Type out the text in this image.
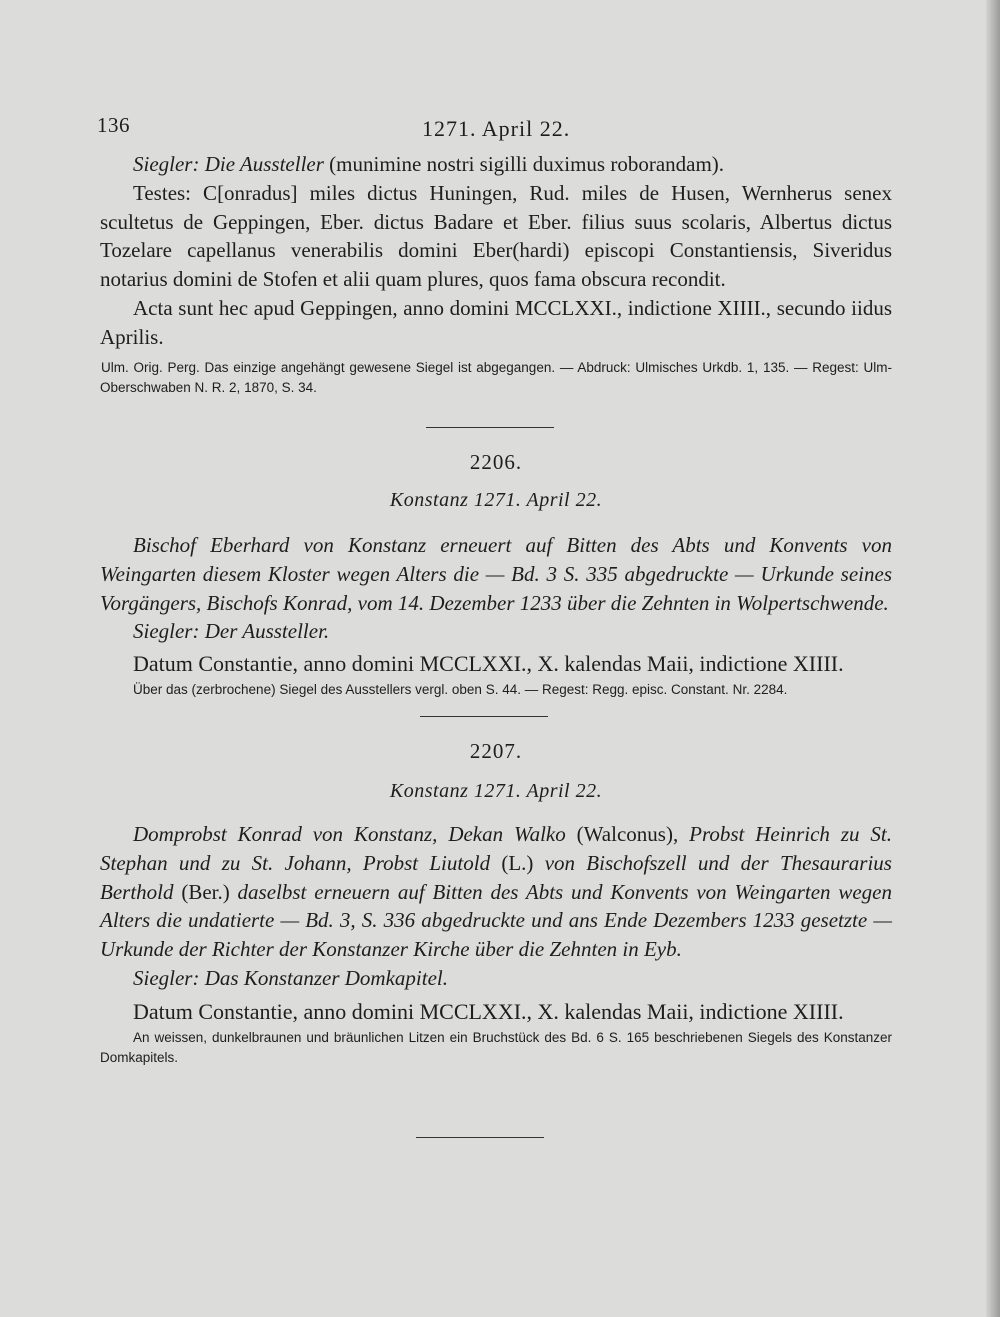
136	1271. April 22.

Siegler: Die Aussteller (munimine nostri sigilli duximus roborandam).

Testes: C[onradus] miles dictus Huningen, Rud. miles de Husen, Wernherus senex scultetus de Geppingen, Eber. dictus Badare et Eber. filius suus scolaris, Albertus dictus Tozelare capellanus venerabilis domini Eber(hardi) episcopi Constantiensis, Siveridus notarius domini de Stofen et alii quam plures, quos fama obscura recondit.

Acta sunt hec apud Geppingen, anno domini MCCLXXI., indictione XIIII., secundo iidus Aprilis.

Ulm. Orig. Perg. Das einzige angehängt gewesene Siegel ist abgegangen. — Abdruck: Ulmisches Urkdb. 1, 135. — Regest: Ulm-Oberschwaben N. R. 2, 1870, S. 34.

2206.
Konstanz 1271. April 22.

Bischof Eberhard von Konstanz erneuert auf Bitten des Abts und Konvents von Weingarten diesem Kloster wegen Alters die — Bd. 3 S. 335 abgedruckte — Urkunde seines Vorgängers, Bischofs Konrad, vom 14. Dezember 1233 über die Zehnten in Wolpertschwende.

Siegler: Der Aussteller.

Datum Constantie, anno domini MCCLXXI., X. kalendas Maii, indictione XIIII.

Über das (zerbrochene) Siegel des Ausstellers vergl. oben S. 44. — Regest: Regg. episc. Constant. Nr. 2284.

2207.
Konstanz 1271. April 22.

Domprobst Konrad von Konstanz, Dekan Walko (Walconus), Probst Heinrich zu St. Stephan und zu St. Johann, Probst Liutold (L.) von Bischofszell und der Thesaurarius Berthold (Ber.) daselbst erneuern auf Bitten des Abts und Konvents von Weingarten wegen Alters die undatierte — Bd. 3, S. 336 abgedruckte und ans Ende Dezembers 1233 gesetzte — Urkunde der Richter der Konstanzer Kirche über die Zehnten in Eyb.

Siegler: Das Konstanzer Domkapitel.

Datum Constantie, anno domini MCCLXXI., X. kalendas Maii, indictione XIIII.

An weissen, dunkelbraunen und bräunlichen Litzen ein Bruchstück des Bd. 6 S. 165 beschriebenen Siegels des Konstanzer Domkapitels.
